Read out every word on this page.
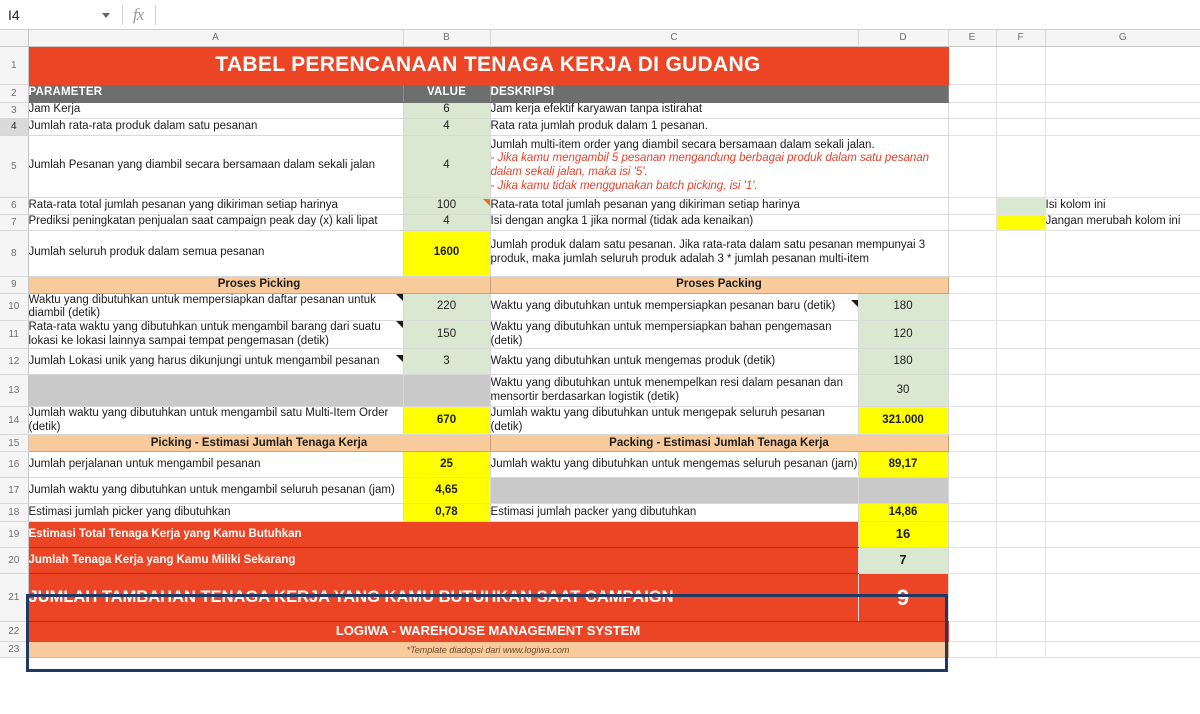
I4	fx
	A	B	C	D	E	F	G
1	TABEL PERENCANAAN TENAGA KERJA DI GUDANG						
2	PARAMETER	VALUE	DESKRIPSI				
3	Jam Kerja	6	Jam kerja efektif karyawan tanpa istirahat				
4	Jumlah rata-rata produk dalam satu pesanan	4	Rata rata jumlah produk dalam 1 pesanan.				
5	Jumlah Pesanan yang diambil secara bersamaan dalam sekali jalan	4	Jumlah multi-item order yang diambil secara bersamaan dalam sekali jalan.
- Jika kamu mengambil 5 pesanan mengandung berbagai produk dalam satu pesanan dalam sekali jalan, maka isi '5'.
- Jika kamu tidak menggunakan batch picking, isi '1'.				

6	Rata-rata total jumlah pesanan yang dikiriman setiap harinya	100	Rata-rata total jumlah pesanan yang dikiriman setiap harinya				Isi kolom ini
7	Prediksi peningkatan penjualan saat campaign peak day (x) kali lipat	4	Isi dengan angka 1 jika normal (tidak ada kenaikan)				Jangan merubah kolom ini
8	Jumlah seluruh produk dalam semua pesanan	1600	Jumlah produk dalam satu pesanan. Jika rata-rata dalam satu pesanan mempunyai 3 produk, maka jumlah seluruh produk adalah 3 * jumlah pesanan multi-item				
9	Proses Picking		Proses Packing				
10	Waktu yang dibutuhkan untuk mempersiapkan daftar pesanan untuk diambil (detik)	220	Waktu yang dibutuhkan untuk mempersiapkan pesanan baru (detik)	180			
11	Rata-rata waktu yang dibutuhkan untuk mengambil barang dari suatu lokasi ke lokasi lainnya sampai tempat pengemasan (detik)	150	Waktu yang dibutuhkan untuk mempersiapkan bahan pengemasan (detik)	120			
12	Jumlah Lokasi unik yang harus dikunjungi untuk mengambil pesanan	3	Waktu yang dibutuhkan untuk mengemas produk (detik)	180			
13			Waktu yang dibutuhkan untuk menempelkan resi dalam pesanan dan mensortir berdasarkan logistik (detik)	30			
14	Jumlah waktu yang dibutuhkan untuk mengambil satu Multi-Item Order (detik)	670	Jumlah waktu yang dibutuhkan untuk mengepak seluruh pesanan (detik)	321.000			
15	Picking - Estimasi Jumlah Tenaga Kerja		Packing - Estimasi Jumlah Tenaga Kerja				
16	Jumlah perjalanan untuk mengambil pesanan	25	Jumlah waktu yang dibutuhkan untuk mengemas seluruh pesanan (jam)	89,17			
17	Jumlah waktu yang dibutuhkan untuk mengambil seluruh pesanan (jam)	4,65					
18	Estimasi jumlah picker yang dibutuhkan	0,78	Estimasi jumlah packer yang dibutuhkan	14,86			
19	Estimasi Total Tenaga Kerja yang Kamu Butuhkan			16			
20	Jumlah Tenaga Kerja yang Kamu Miliki Sekarang			7			
21	JUMLAH TAMBAHAN TENAGA KERJA YANG KAMU BUTUHKAN SAAT CAMPAIGN			9			
22	LOGIWA - WAREHOUSE MANAGEMENT SYSTEM						
23	*Template diadopsi dari www.logiwa.com						
